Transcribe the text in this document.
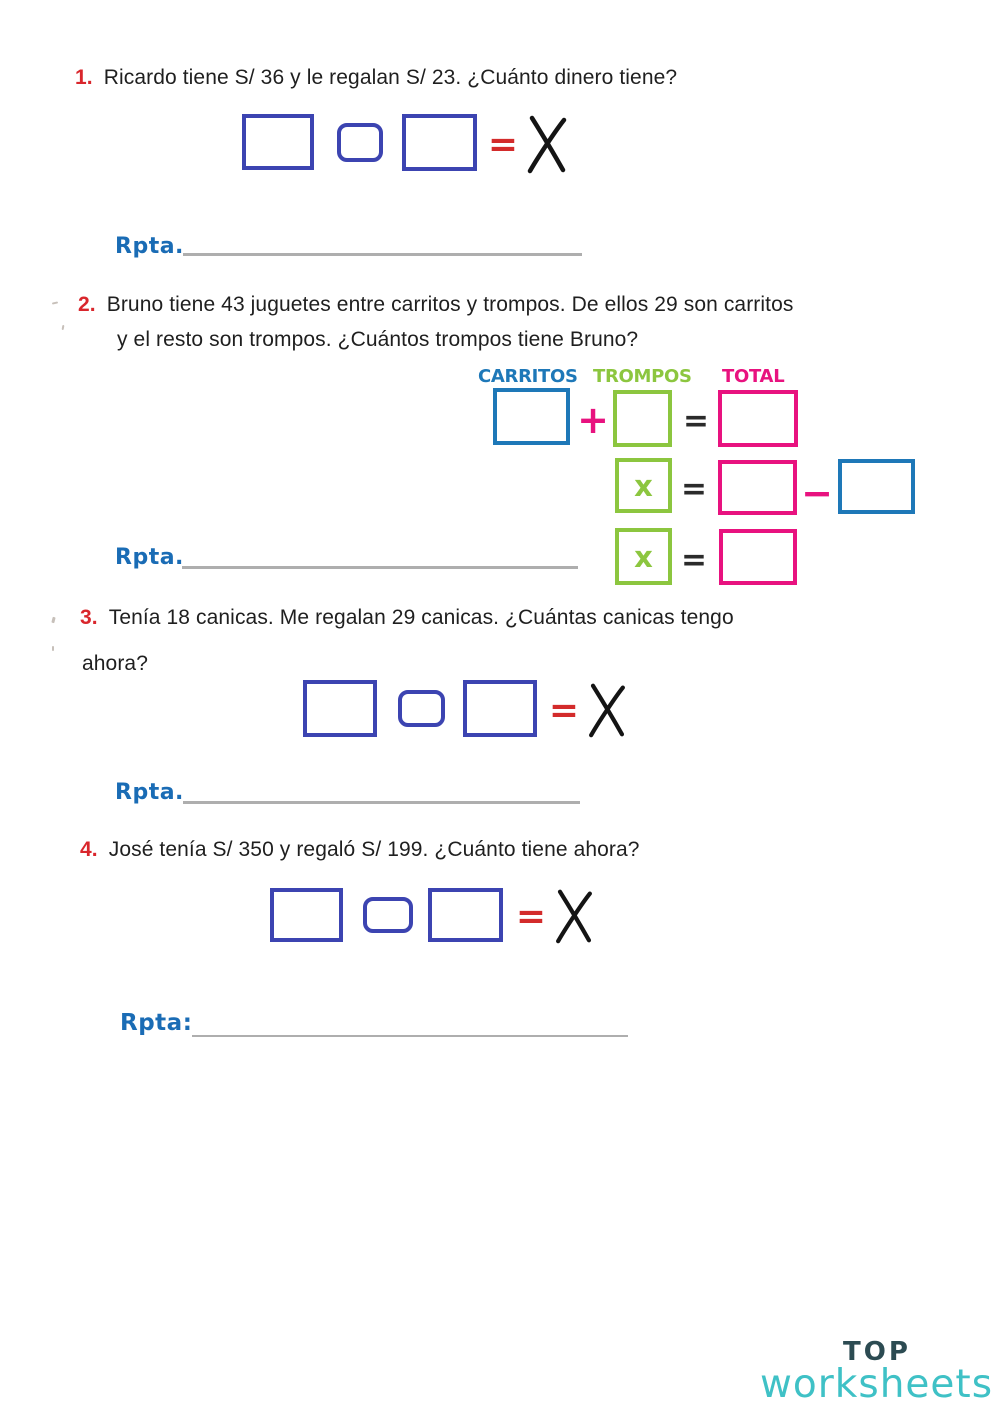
1. Ricardo tiene S/ 36 y le regalan S/ 23. ¿Cuánto dinero tiene?
=
Rpta.
2. Bruno tiene 43 juguetes entre carritos y trompos. De ellos 29 son carritos
y el resto son trompos. ¿Cuántos trompos tiene Bruno?
CARRITOS TROMPOS TOTAL
+ =
x = −
x =
Rpta.
3. Tenía 18 canicas. Me regalan 29 canicas. ¿Cuántas canicas tengo
ahora?
=
Rpta.
4. José tenía S/ 350 y regaló S/ 199. ¿Cuánto tiene ahora?
=
Rpta:
TOP
worksheets
